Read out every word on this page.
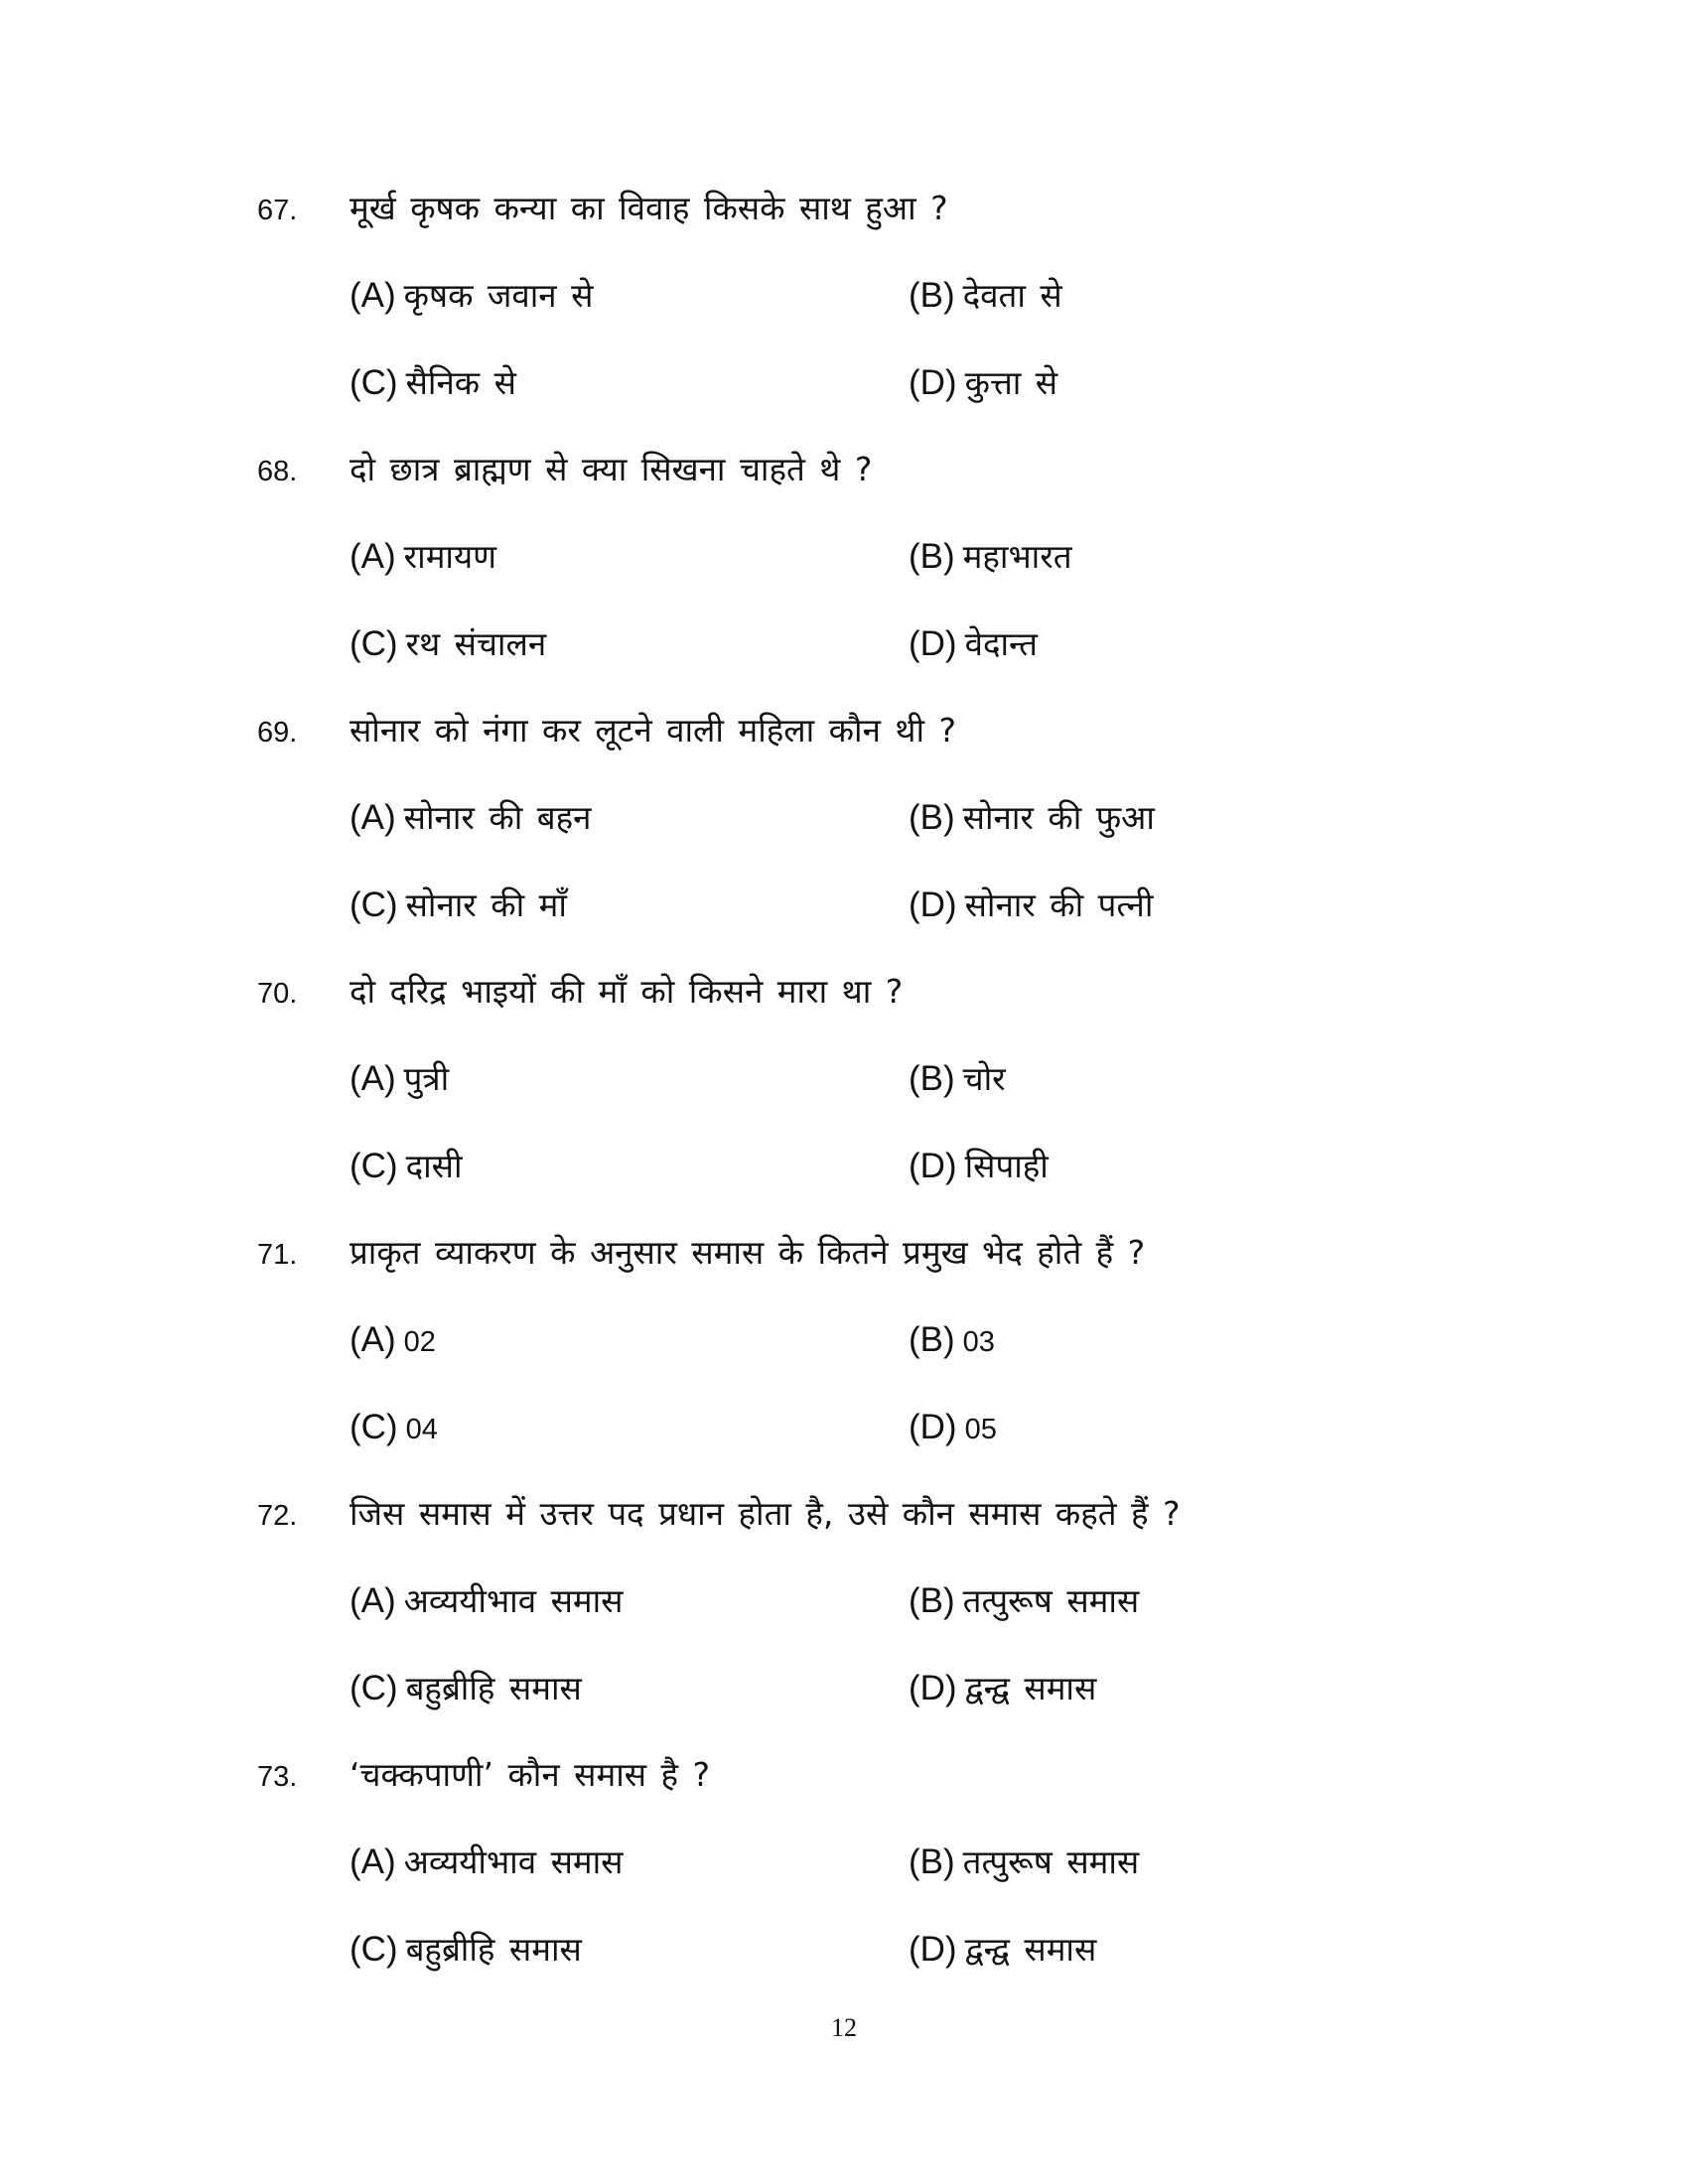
67. मूर्ख कृषक कन्या का विवाह किसके साथ हुआ ?
(A) कृषक जवान से	(B) देवता से
(C) सैनिक से	(D) कुत्ता से
68. दो छात्र ब्राह्मण से क्या सिखना चाहते थे ?
(A) रामायण	(B) महाभारत
(C) रथ संचालन	(D) वेदान्त
69. सोनार को नंगा कर लूटने वाली महिला कौन थी ?
(A) सोनार की बहन	(B) सोनार की फुआ
(C) सोनार की माँ	(D) सोनार की पत्नी
70. दो दरिद्र भाइयों की माँ को किसने मारा था ?
(A) पुत्री	(B) चोर
(C) दासी	(D) सिपाही
71. प्राकृत व्याकरण के अनुसार समास के कितने प्रमुख भेद होते हैं ?
(A) 02	(B) 03
(C) 04	(D) 05
72. जिस समास में उत्तर पद प्रधान होता है, उसे कौन समास कहते हैं ?
(A) अव्ययीभाव समास	(B) तत्पुरूष समास
(C) बहुब्रीहि समास	(D) द्वन्द्व समास
73. ‘चक्कपाणी’ कौन समास है ?
(A) अव्ययीभाव समास	(B) तत्पुरूष समास
(C) बहुब्रीहि समास	(D) द्वन्द्व समास
12
